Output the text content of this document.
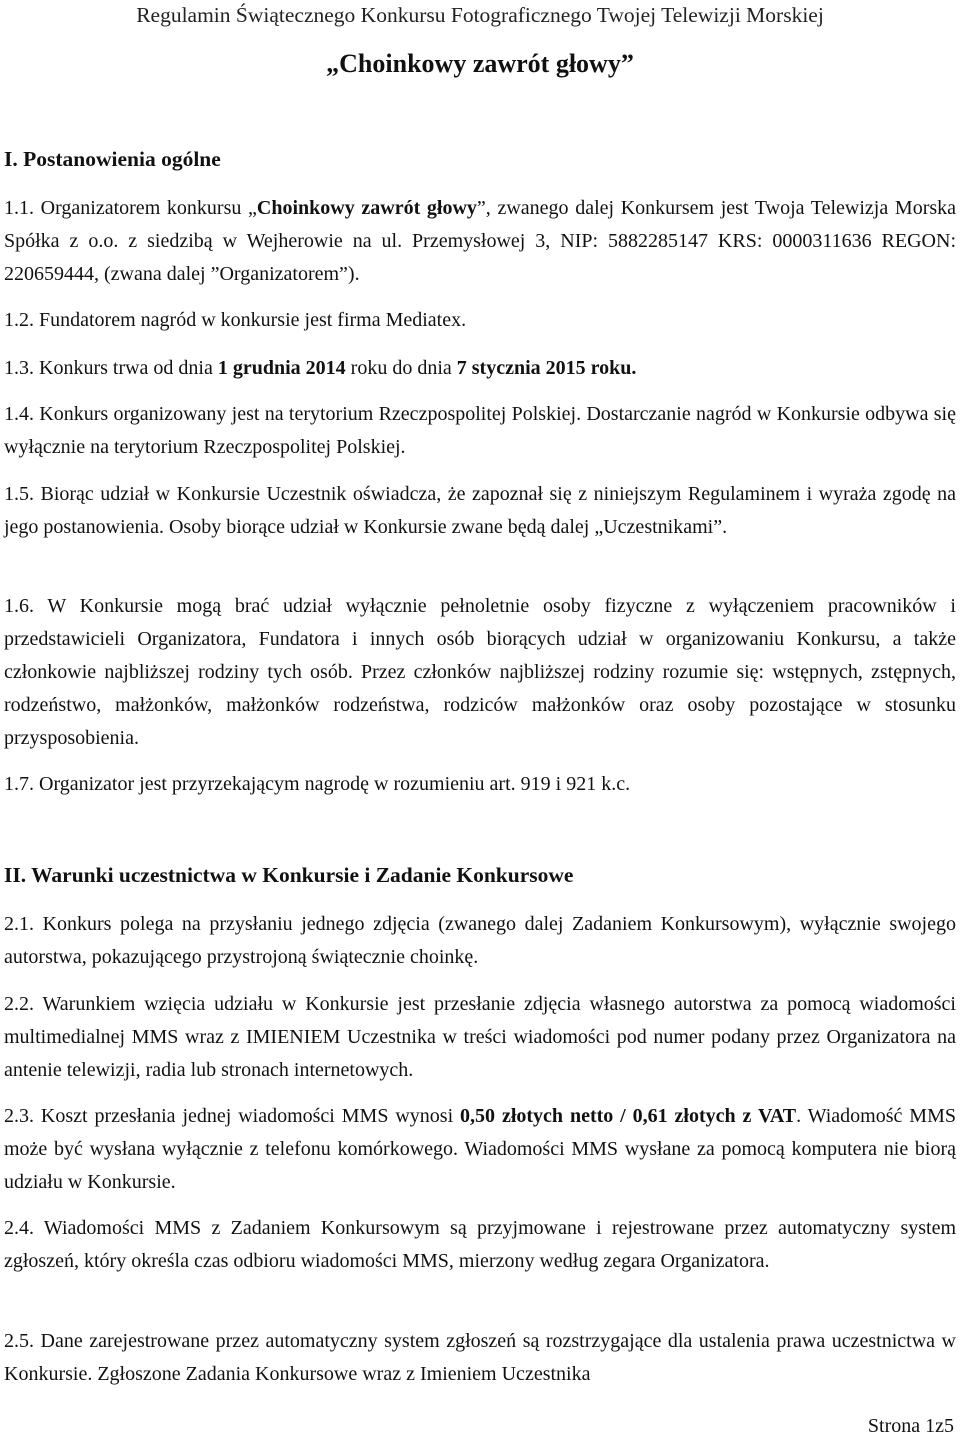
Regulamin Świątecznego Konkursu Fotograficznego Twojej Telewizji Morskiej
„Choinkowy zawrót głowy”
I. Postanowienia ogólne

1.1. Organizatorem konkursu „Choinkowy zawrót głowy”, zwanego dalej Konkursem jest Twoja Telewizja Morska Spółka z o.o. z siedzibą w Wejherowie na ul. Przemysłowej 3, NIP: 5882285147 KRS: 0000311636 REGON: 220659444, (zwana dalej ”Organizatorem”).

1.2. Fundatorem nagród w konkursie jest firma Mediatex.

1.3. Konkurs trwa od dnia 1 grudnia 2014 roku do dnia 7 stycznia 2015 roku.

1.4. Konkurs organizowany jest na terytorium Rzeczpospolitej Polskiej. Dostarczanie nagród w Konkursie odbywa się wyłącznie na terytorium Rzeczpospolitej Polskiej.

1.5. Biorąc udział w Konkursie Uczestnik oświadcza, że zapoznał się z niniejszym Regulaminem i wyraża zgodę na jego postanowienia. Osoby biorące udział w Konkursie zwane będą dalej „Uczestnikami”.

1.6. W Konkursie mogą brać udział wyłącznie pełnoletnie osoby fizyczne z wyłączeniem pracowników i przedstawicieli Organizatora, Fundatora i innych osób biorących udział w organizowaniu Konkursu, a także członkowie najbliższej rodziny tych osób. Przez członków najbliższej rodziny rozumie się: wstępnych, zstępnych, rodzeństwo, małżonków, małżonków rodzeństwa, rodziców małżonków oraz osoby pozostające w stosunku przysposobienia.

1.7. Organizator jest przyrzekającym nagrodę w rozumieniu art. 919 i 921 k.c.

II. Warunki uczestnictwa w Konkursie i Zadanie Konkursowe

2.1. Konkurs polega na przysłaniu jednego zdjęcia (zwanego dalej Zadaniem Konkursowym), wyłącznie swojego autorstwa, pokazującego przystrojoną świątecznie choinkę.

2.2. Warunkiem wzięcia udziału w Konkursie jest przesłanie zdjęcia własnego autorstwa za pomocą wiadomości multimedialnej MMS wraz z IMIENIEM Uczestnika w treści wiadomości pod numer podany przez Organizatora na antenie telewizji, radia lub stronach internetowych.

2.3. Koszt przesłania jednej wiadomości MMS wynosi 0,50 złotych netto / 0,61 złotych z VAT. Wiadomość MMS może być wysłana wyłącznie z telefonu komórkowego. Wiadomości MMS wysłane za pomocą komputera nie biorą udziału w Konkursie.

2.4. Wiadomości MMS z Zadaniem Konkursowym są przyjmowane i rejestrowane przez automatyczny system zgłoszeń, który określa czas odbioru wiadomości MMS, mierzony według zegara Organizatora.

2.5. Dane zarejestrowane przez automatyczny system zgłoszeń są rozstrzygające dla ustalenia prawa uczestnictwa w Konkursie. Zgłoszone Zadania Konkursowe wraz z Imieniem Uczestnika

Strona 1z5
